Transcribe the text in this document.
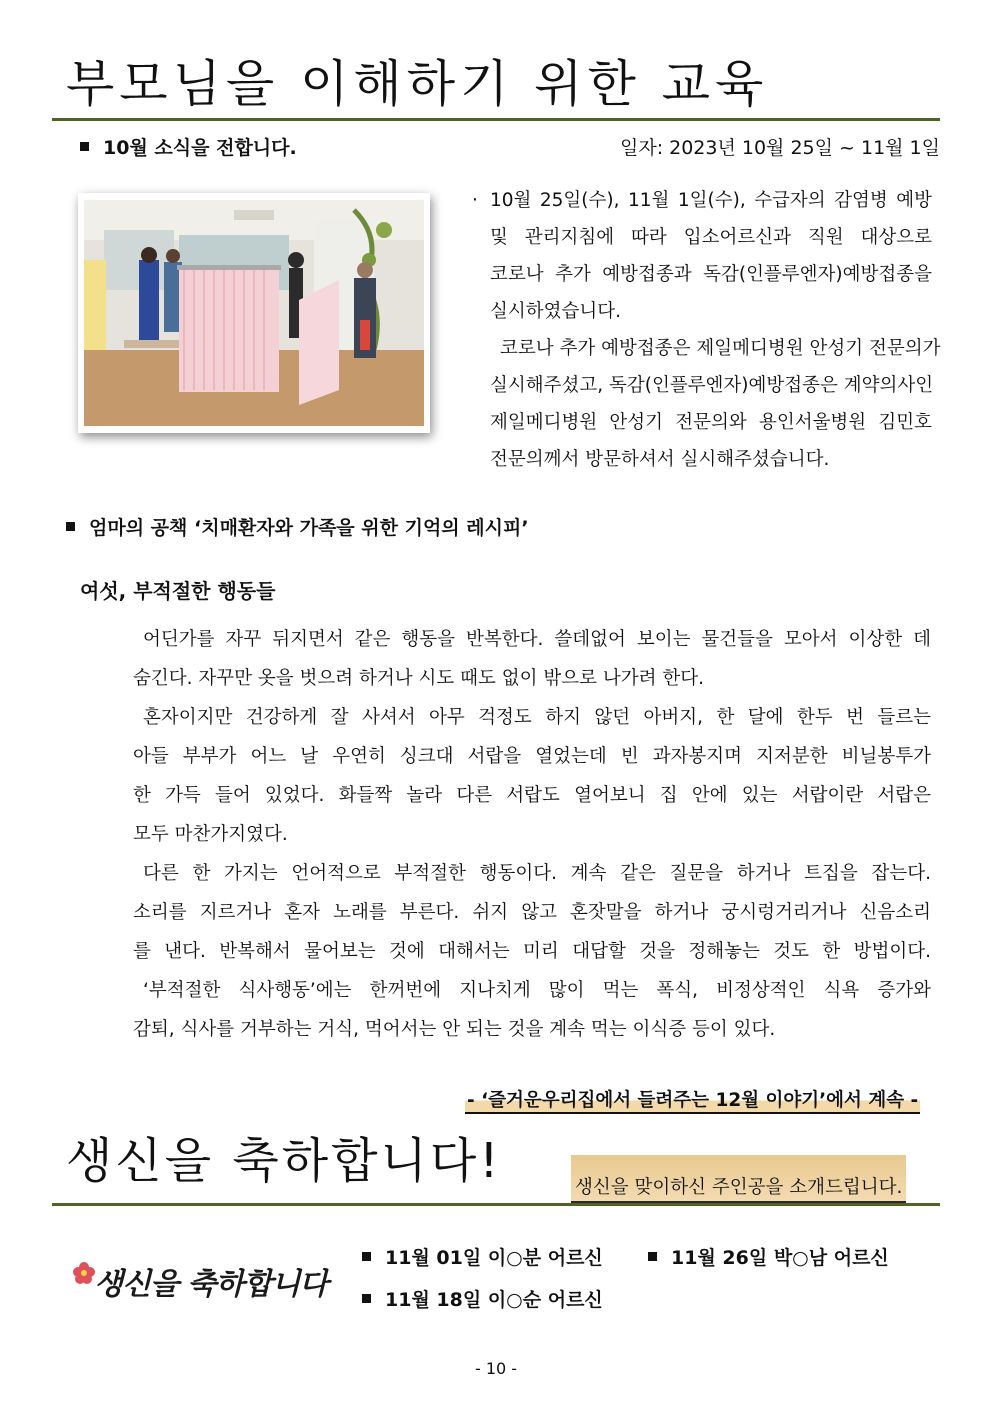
부모님을 이해하기 위한 교육
10월 소식을 전합니다.	일자: 2023년 10월 25일 ~ 11월 1일
· 10월 25일(수), 11월 1일(수), 수급자의 감염병 예방
및 관리지침에 따라 입소어르신과 직원 대상으로
코로나 추가 예방접종과 독감(인플루엔자)예방접종을
실시하였습니다.
코로나 추가 예방접종은 제일메디병원 안성기 전문의가
실시해주셨고, 독감(인플루엔자)예방접종은 계약의사인
제일메디병원 안성기 전문의와 용인서울병원 김민호
전문의께서 방문하셔서 실시해주셨습니다.
엄마의 공책 ‘치매환자와 가족을 위한 기억의 레시피’
여섯, 부적절한 행동들
어딘가를 자꾸 뒤지면서 같은 행동을 반복한다. 쓸데없어 보이는 물건들을 모아서 이상한 데
숨긴다. 자꾸만 옷을 벗으려 하거나 시도 때도 없이 밖으로 나가려 한다.
혼자이지만 건강하게 잘 사셔서 아무 걱정도 하지 않던 아버지, 한 달에 한두 번 들르는
아들 부부가 어느 날 우연히 싱크대 서랍을 열었는데 빈 과자봉지며 지저분한 비닐봉투가
한 가득 들어 있었다. 화들짝 놀라 다른 서랍도 열어보니 집 안에 있는 서랍이란 서랍은
모두 마찬가지였다.
다른 한 가지는 언어적으로 부적절한 행동이다. 계속 같은 질문을 하거나 트집을 잡는다.
소리를 지르거나 혼자 노래를 부른다. 쉬지 않고 혼잣말을 하거나 궁시렁거리거나 신음소리
를 낸다. 반복해서 물어보는 것에 대해서는 미리 대답할 것을 정해놓는 것도 한 방법이다.
‘부적절한 식사행동’에는 한꺼번에 지나치게 많이 먹는 폭식, 비정상적인 식욕 증가와
감퇴, 식사를 거부하는 거식, 먹어서는 안 되는 것을 계속 먹는 이식증 등이 있다.
- ‘즐거운우리집에서 들려주는 12월 이야기’에서 계속 -
생신을 축하합니다!	생신을 맞이하신 주인공을 소개드립니다.
생신을 축하합니다
11월 01일 이○분 어르신	11월 26일 박○남 어르신
11월 18일 이○순 어르신
- 10 -
